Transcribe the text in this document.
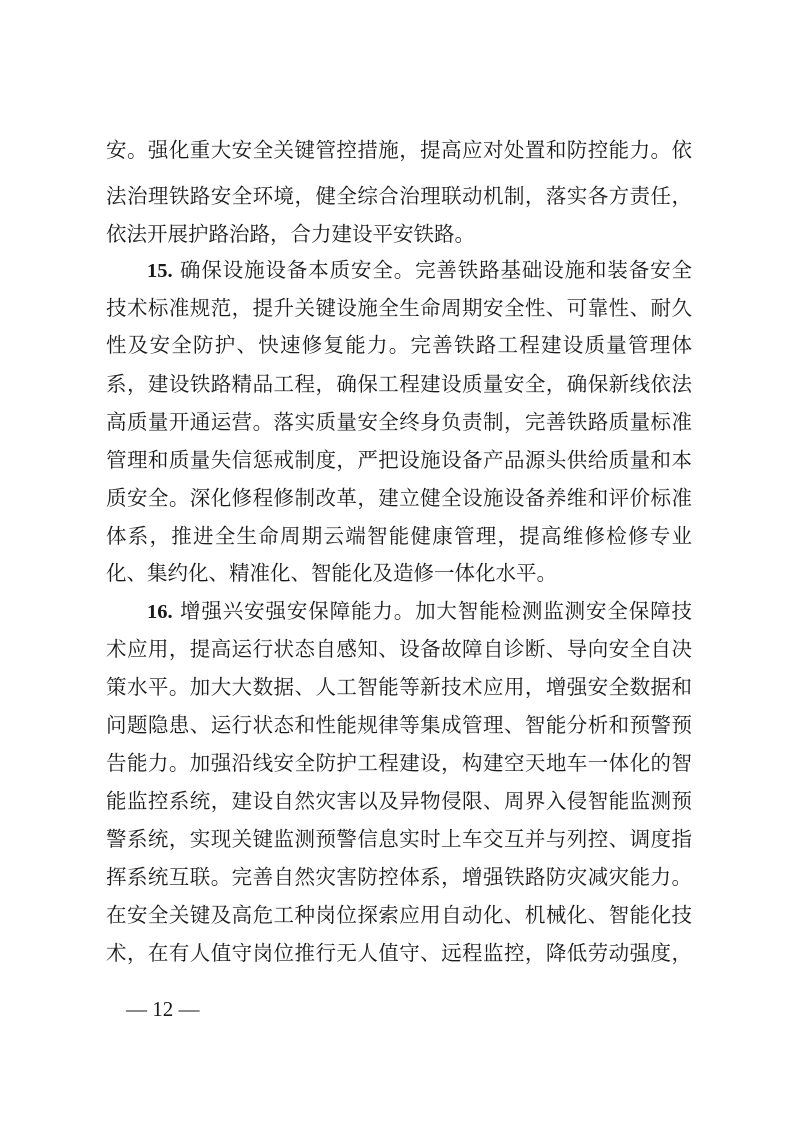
安。强化重大安全关键管控措施，提高应对处置和防控能力。依
法治理铁路安全环境，健全综合治理联动机制，落实各方责任，
依法开展护路治路，合力建设平安铁路。
15. 确保设施设备本质安全。完善铁路基础设施和装备安全
技术标准规范，提升关键设施全生命周期安全性、可靠性、耐久
性及安全防护、快速修复能力。完善铁路工程建设质量管理体
系，建设铁路精品工程，确保工程建设质量安全，确保新线依法
高质量开通运营。落实质量安全终身负责制，完善铁路质量标准
管理和质量失信惩戒制度，严把设施设备产品源头供给质量和本
质安全。深化修程修制改革，建立健全设施设备养维和评价标准
体系，推进全生命周期云端智能健康管理，提高维修检修专业
化、集约化、精准化、智能化及造修一体化水平。
16. 增强兴安强安保障能力。加大智能检测监测安全保障技
术应用，提高运行状态自感知、设备故障自诊断、导向安全自决
策水平。加大大数据、人工智能等新技术应用，增强安全数据和
问题隐患、运行状态和性能规律等集成管理、智能分析和预警预
告能力。加强沿线安全防护工程建设，构建空天地车一体化的智
能监控系统，建设自然灾害以及异物侵限、周界入侵智能监测预
警系统，实现关键监测预警信息实时上车交互并与列控、调度指
挥系统互联。完善自然灾害防控体系，增强铁路防灾减灾能力。
在安全关键及高危工种岗位探索应用自动化、机械化、智能化技
术，在有人值守岗位推行无人值守、远程监控，降低劳动强度，
— 12 —
